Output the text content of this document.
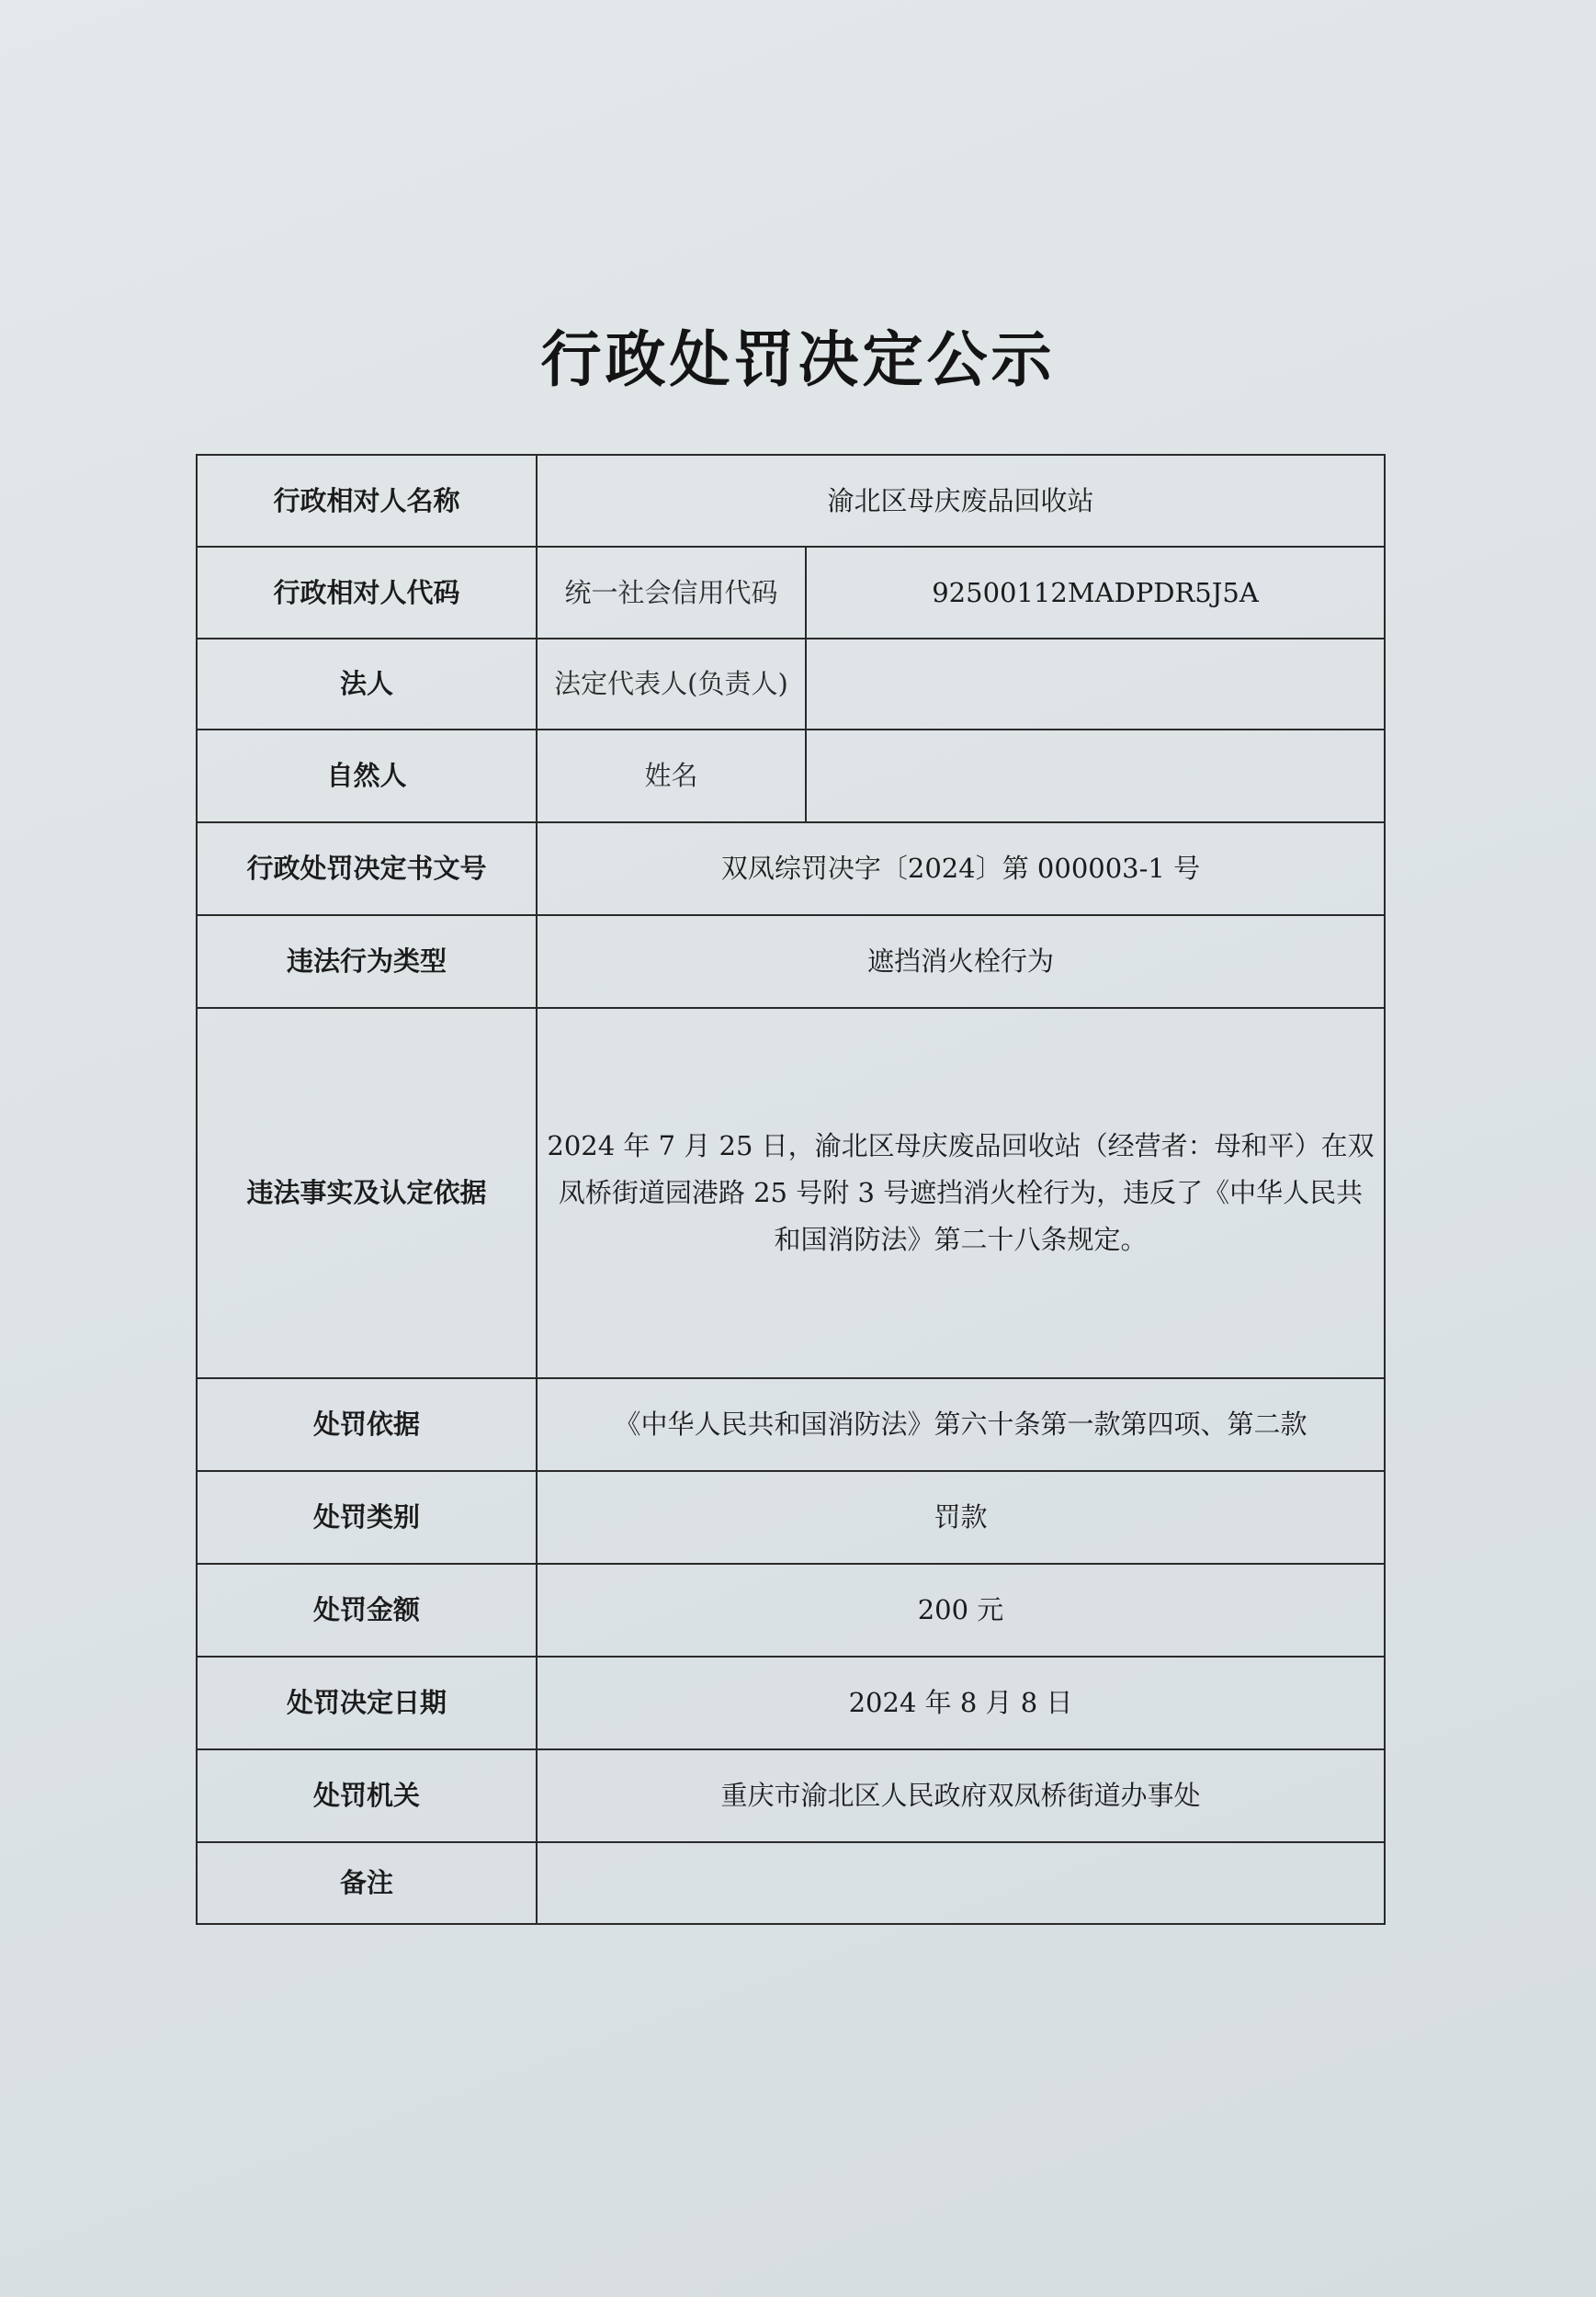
行政处罚决定公示
行政相对人名称	渝北区母庆废品回收站	
行政相对人代码	统一社会信用代码	92500112MADPDR5J5A
法人	法定代表人(负责人)	
自然人	姓名	
行政处罚决定书文号	双凤综罚决字〔2024〕第 000003-1 号	
违法行为类型	遮挡消火栓行为	
违法事实及认定依据	2024 年 7 月 25 日，渝北区母庆废品回收站（经营者：母和平）在双凤桥街道园港路 25 号附 3 号遮挡消火栓行为，违反了《中华人民共和国消防法》第二十八条规定。	
处罚依据	《中华人民共和国消防法》第六十条第一款第四项、第二款	
处罚类别	罚款	
处罚金额	200 元	
处罚决定日期	2024 年 8 月 8 日	
处罚机关	重庆市渝北区人民政府双凤桥街道办事处	
备注		
